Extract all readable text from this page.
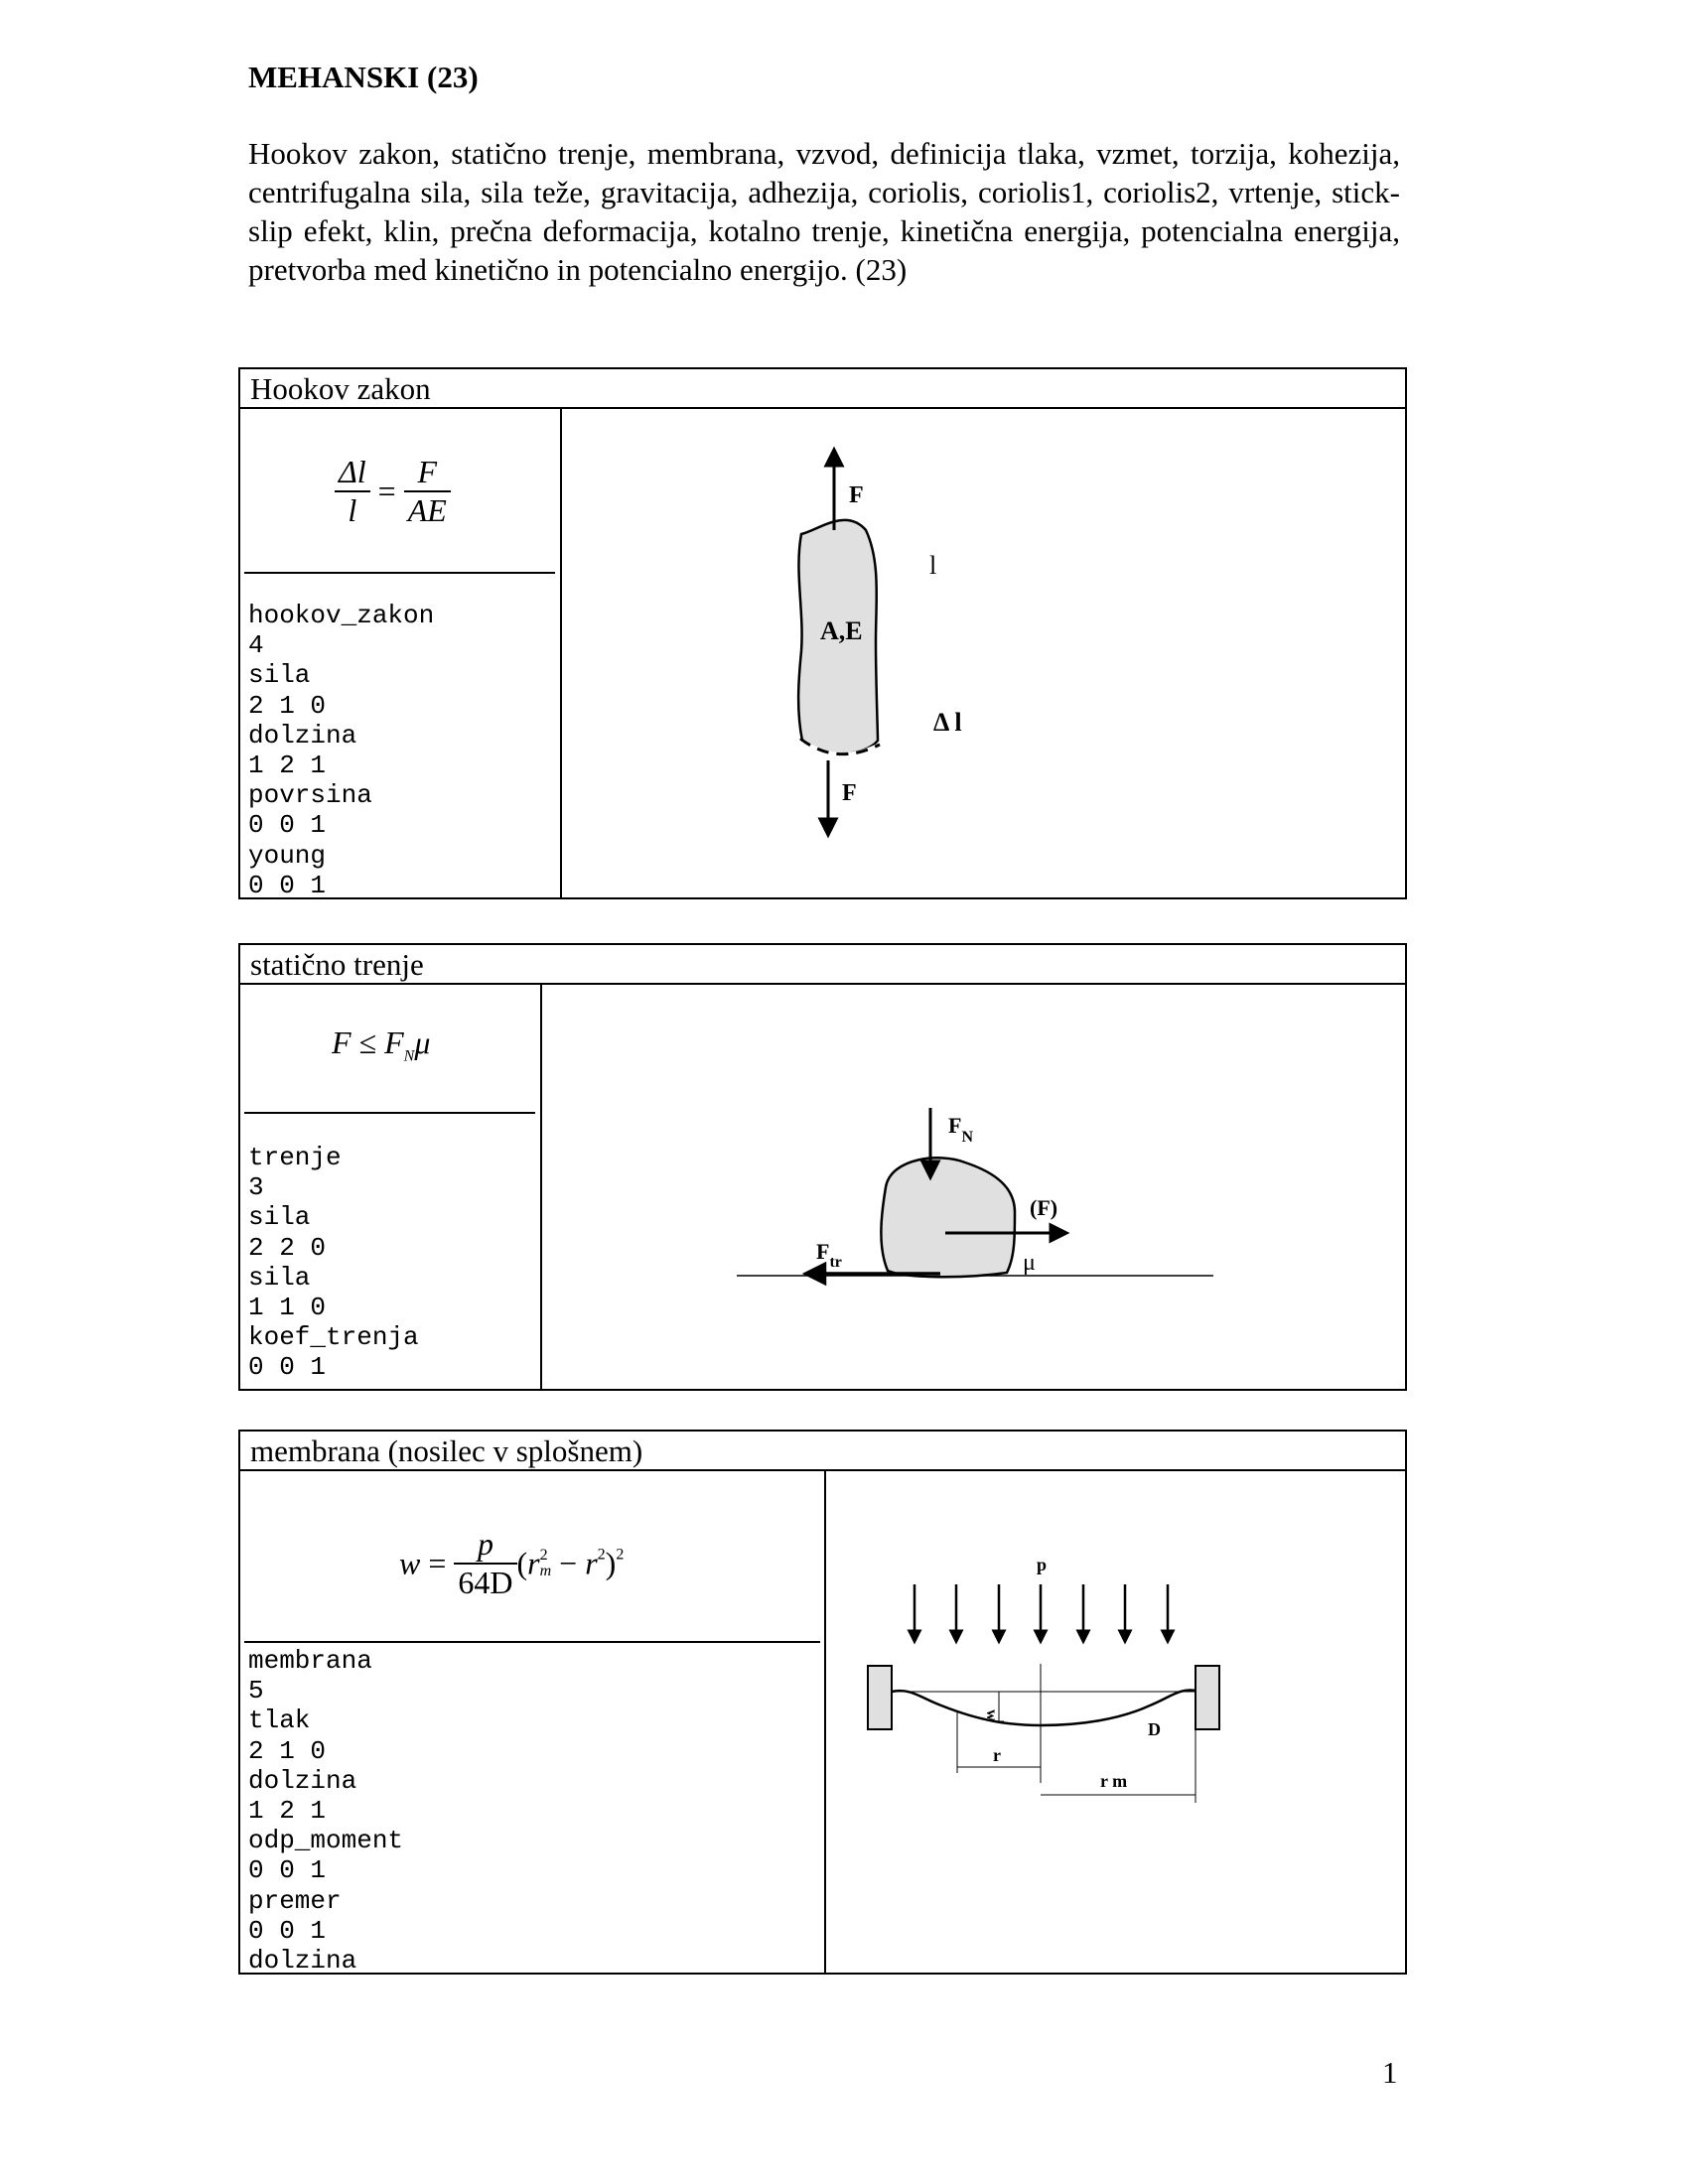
MEHANSKI (23)
Hookov zakon, statično trenje, membrana, vzvod, definicija tlaka, vzmet, torzija, kohezija, centrifugalna sila, sila teže, gravitacija, adhezija, coriolis, coriolis1, coriolis2, vrtenje, stick-slip efekt, klin, prečna deformacija, kotalno trenje, kinetična energija, potencialna energija, pretvorba med kinetično in potencialno energijo. (23)
Hookov zakon
$\frac{\Delta l}{l} = \frac{F}{AE}$
hookov_zakon
4
sila
2 1 0
dolzina
1 2 1
povrsina
0 0 1
young
0 0 1
F
l
A,E
Δ l
F
statično trenje
$F \le F_N\mu$
trenje
3
sila
2 2 0
sila
1 1 0
koef_trenja
0 0 1
$F_N$
(F)
$F_{tr}$	μ
membrana (nosilec v splošnem)
$w = \frac{p}{64D} (r$ 2
$m - r^2)^2$
membrana
5
tlak
2 1 0
dolzina
1 2 1
odp_moment
0 0 1
premer
0 0 1
dolzina
p
w
D
r
r m
1
